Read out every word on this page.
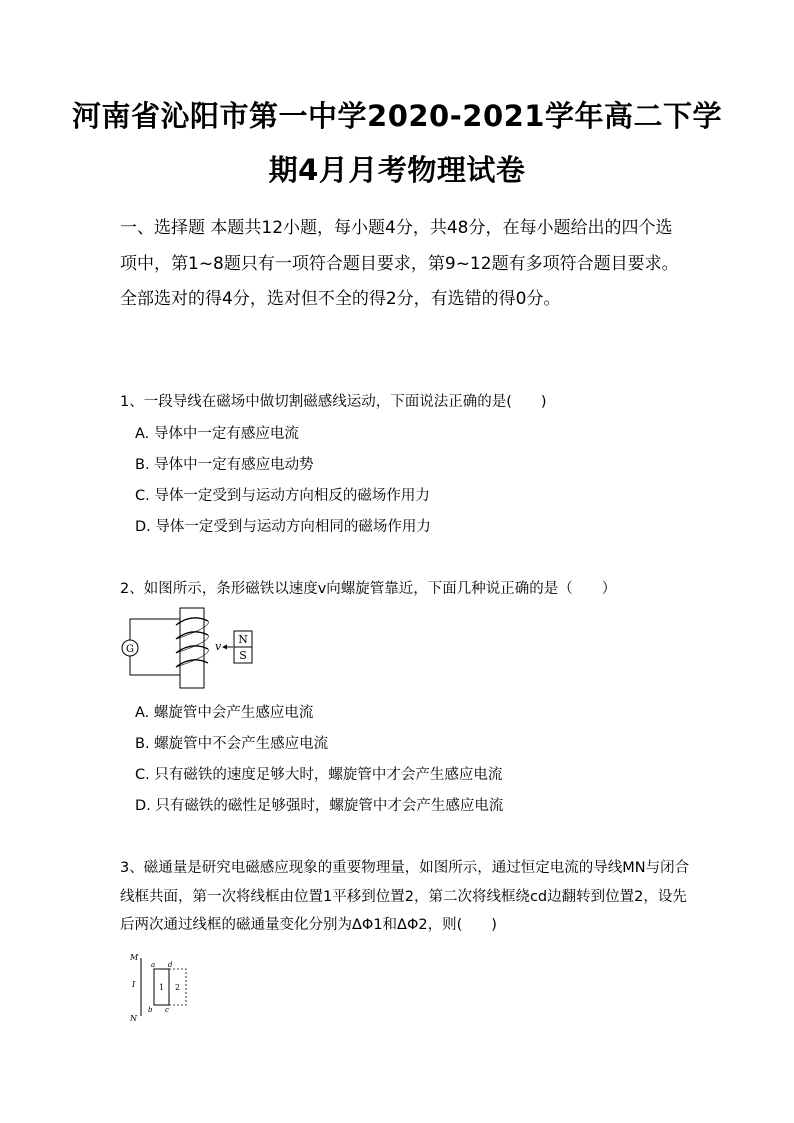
河南省沁阳市第一中学2020-2021学年高二下学
期4月月考物理试卷
一、选择题 本题共12小题，每小题4分，共48分，在每小题给出的四个选项中，第1~8题只有一项符合题目要求，第9~12题有多项符合题目要求。全部选对的得4分，选对但不全的得2分，有选错的得0分。
1、一段导线在磁场中做切割磁感线运动，下面说法正确的是(　　)
A. 导体中一定有感应电流
B. 导体中一定有感应电动势
C. 导体一定受到与运动方向相反的磁场作用力
D. 导体一定受到与运动方向相同的磁场作用力
2、如图所示，条形磁铁以速度v向螺旋管靠近，下面几种说正确的是（　　）
G	v
N
S
A. 螺旋管中会产生感应电流
B. 螺旋管中不会产生感应电流
C. 只有磁铁的速度足够大时，螺旋管中才会产生感应电流
D. 只有磁铁的磁性足够强时，螺旋管中才会产生感应电流
3、磁通量是研究电磁感应现象的重要物理量，如图所示，通过恒定电流的导线MN与闭合线框共面，第一次将线框由位置1平移到位置2，第二次将线框绕cd边翻转到位置2，设先后两次通过线框的磁通量变化分别为ΔΦ1和ΔΦ2，则(　　)
M
I
N
a d
b c
1 2
